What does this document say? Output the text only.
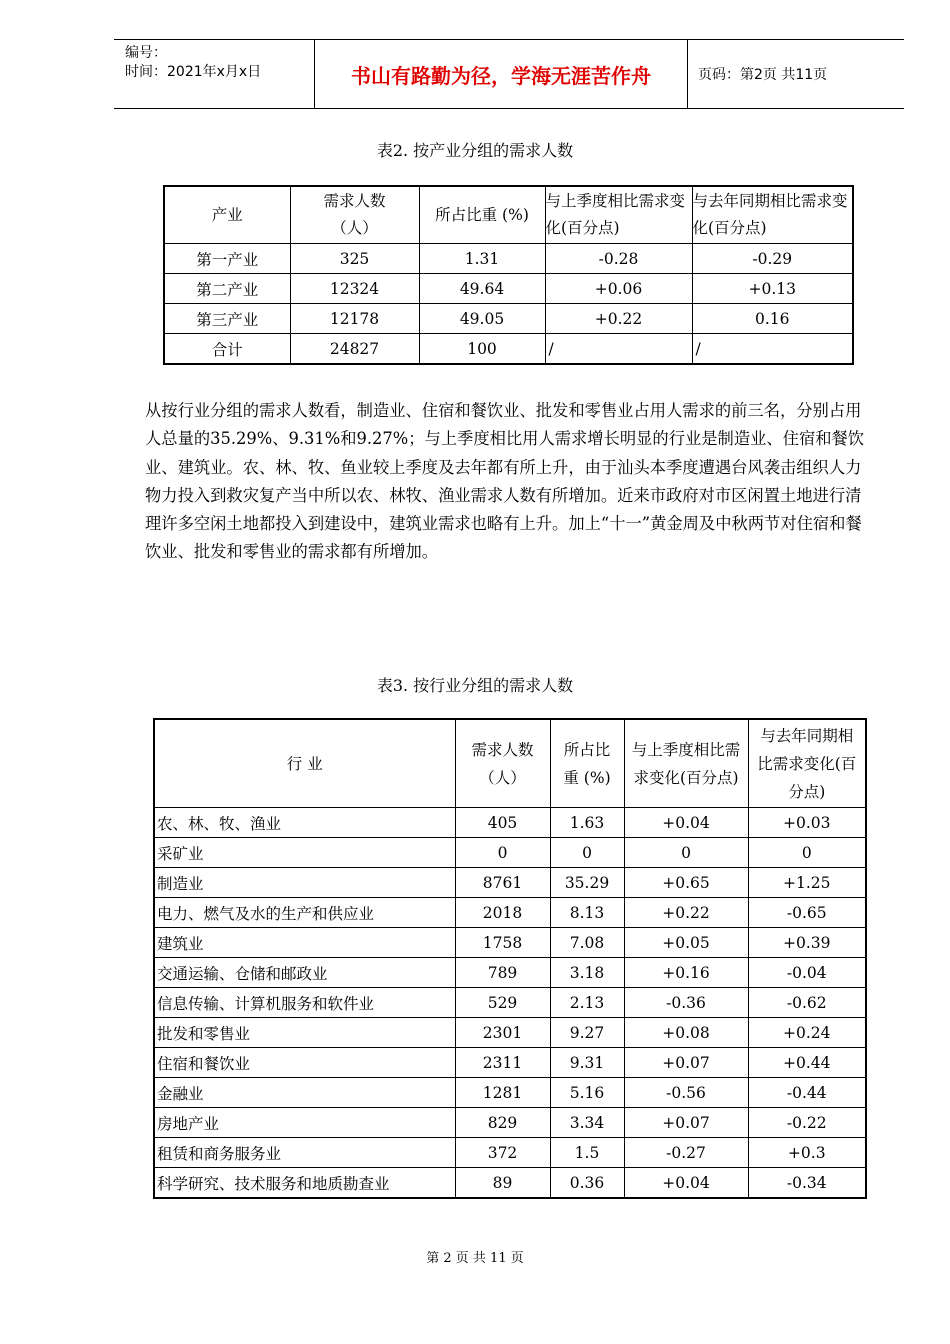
编号：
时间：2021年x月x日	书山有路勤为径，学海无涯苦作舟	页码：第2页 共11页
表2. 按产业分组的需求人数
产业	需求人数（人）	所占比重 (%)	与上季度相比需求变化(百分点)	与去年同期相比需求变化(百分点)
第一产业	325	1.31	-0.28	-0.29
第二产业	12324	49.64	+0.06	+0.13
第三产业	12178	49.05	+0.22	0.16
合计	24827	100	/	/
从按行业分组的需求人数看，制造业、住宿和餐饮业、批发和零售业占用人需求的前三名，分别占用人总量的35.29%、9.31%和9.27%；与上季度相比用人需求增长明显的行业是制造业、住宿和餐饮业、建筑业。农、林、牧、鱼业较上季度及去年都有所上升，由于汕头本季度遭遇台风袭击组织人力物力投入到救灾复产当中所以农、林牧、渔业需求人数有所增加。近来市政府对市区闲置土地进行清理许多空闲土地都投入到建设中，建筑业需求也略有上升。加上“十一”黄金周及中秋两节对住宿和餐饮业、批发和零售业的需求都有所增加。
表3. 按行业分组的需求人数
行 业	需求人数（人）	所占比重 (%)	与上季度相比需求变化(百分点)	与去年同期相比需求变化(百分点)
农、林、牧、渔业	405	1.63	+0.04	+0.03
采矿业	0	0	0	0
制造业	8761	35.29	+0.65	+1.25
电力、燃气及水的生产和供应业	2018	8.13	+0.22	-0.65
建筑业	1758	7.08	+0.05	+0.39
交通运输、仓储和邮政业	789	3.18	+0.16	-0.04
信息传输、计算机服务和软件业	529	2.13	-0.36	-0.62
批发和零售业	2301	9.27	+0.08	+0.24
住宿和餐饮业	2311	9.31	+0.07	+0.44
金融业	1281	5.16	-0.56	-0.44
房地产业	829	3.34	+0.07	-0.22
租赁和商务服务业	372	1.5	-0.27	+0.3
科学研究、技术服务和地质勘查业	89	0.36	+0.04	-0.34
第 2 页 共 11 页
